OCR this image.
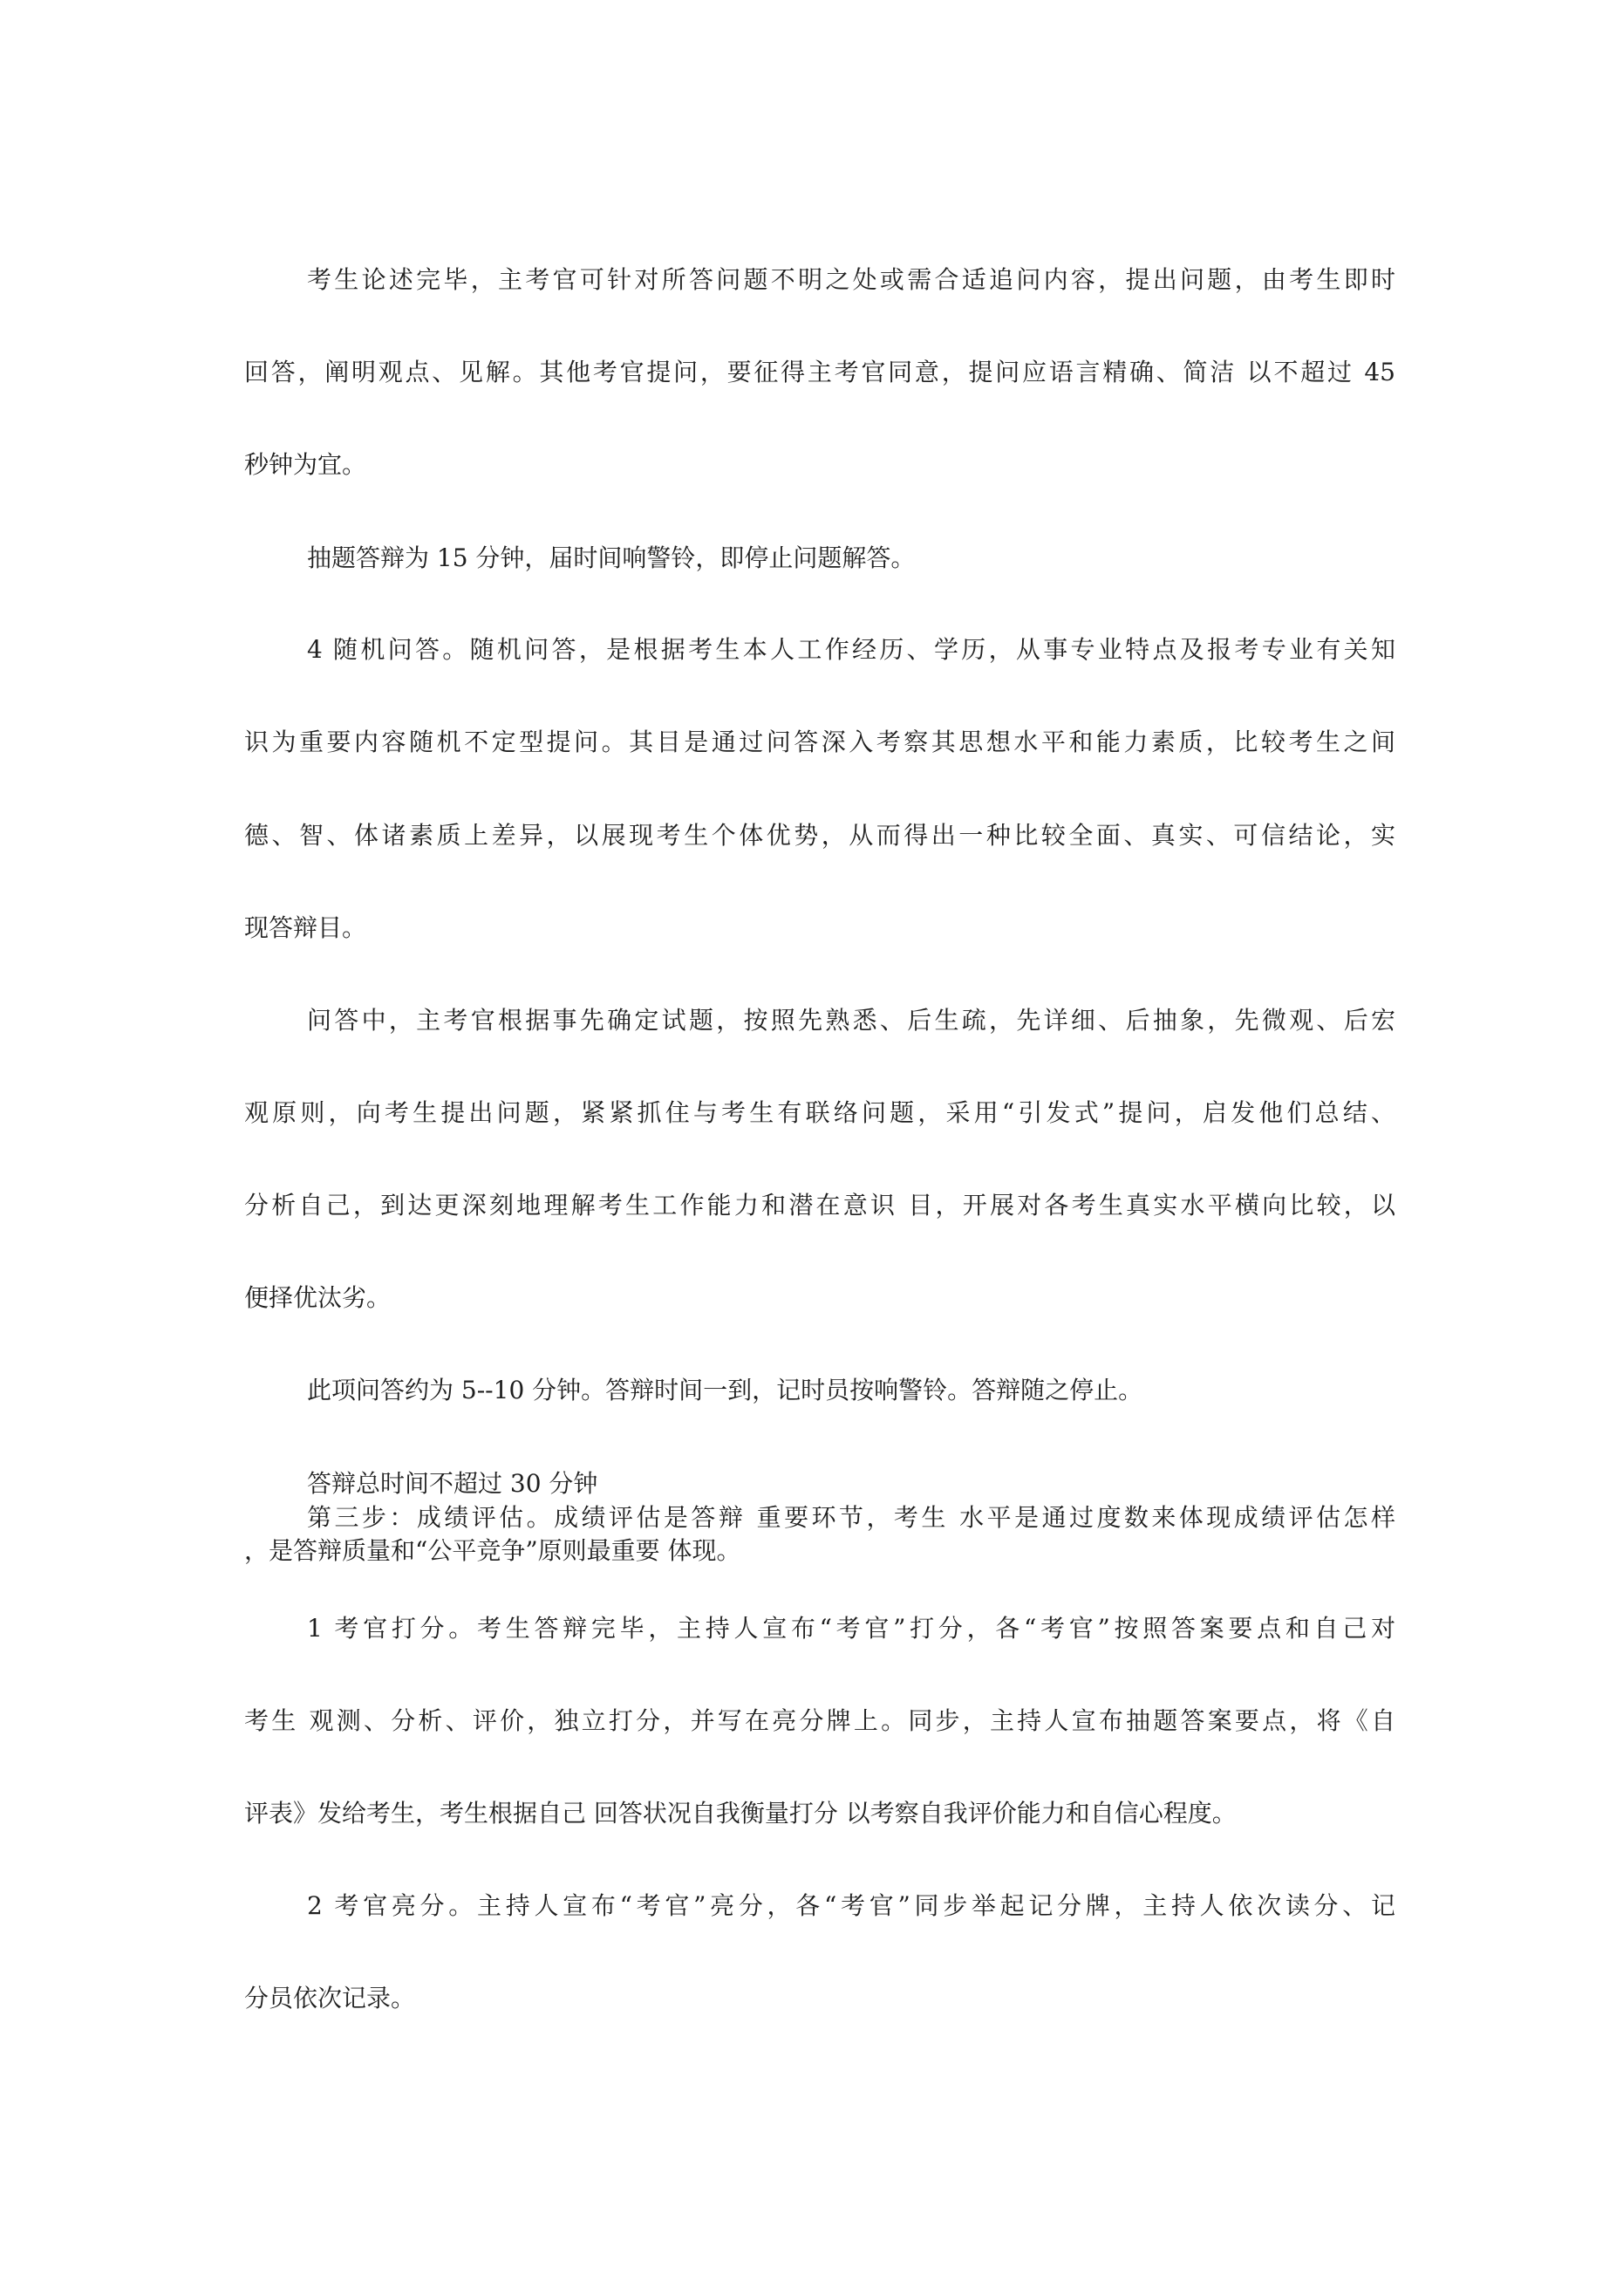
考生论述完毕，主考官可针对所答问题不明之处或需合适追问内容，提出问题，由考生即时
回答，阐明观点、见解。其他考官提问，要征得主考官同意，提问应语言精确、简洁 以不超过 45
秒钟为宜。
抽题答辩为 15 分钟，届时间响警铃，即停止问题解答。
4 随机问答。随机问答，是根据考生本人工作经历、学历，从事专业特点及报考专业有关知
识为重要内容随机不定型提问。其目是通过问答深入考察其思想水平和能力素质，比较考生之间
德、智、体诸素质上差异，以展现考生个体优势，从而得出一种比较全面、真实、可信结论，实
现答辩目。
问答中，主考官根据事先确定试题，按照先熟悉、后生疏，先详细、后抽象，先微观、后宏
观原则，向考生提出问题，紧紧抓住与考生有联络问题，采用“引发式”提问，启发他们总结、
分析自己，到达更深刻地理解考生工作能力和潜在意识 目，开展对各考生真实水平横向比较，以
便择优汰劣。
此项问答约为 5--10 分钟。答辩时间一到，记时员按响警铃。答辩随之停止。
答辩总时间不超过 30 分钟
第三步：成绩评估。成绩评估是答辩 重要环节，考生 水平是通过度数来体现成绩评估怎样
，是答辩质量和“公平竞争”原则最重要 体现。
1 考官打分。考生答辩完毕，主持人宣布“考官”打分，各“考官”按照答案要点和自己对
考生 观测、分析、评价，独立打分，并写在亮分牌上。同步，主持人宣布抽题答案要点，将《自
评表》发给考生，考生根据自己 回答状况自我衡量打分 以考察自我评价能力和自信心程度。
2 考官亮分。主持人宣布“考官”亮分，各“考官”同步举起记分牌，主持人依次读分、记
分员依次记录。
